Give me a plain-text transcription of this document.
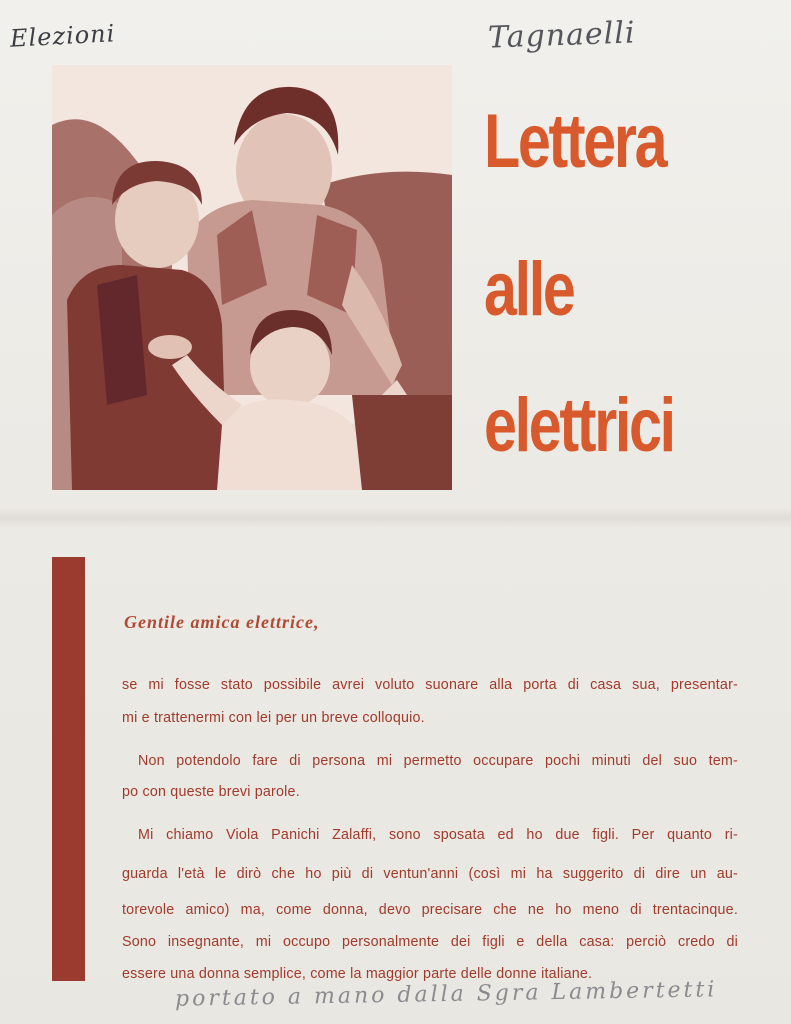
Elezioni	Tagnaelli
Lettera
alle
elettrici
Gentile amica elettrice,
se mi fosse stato possibile avrei voluto suonare alla porta di casa sua, presentar-
mi e trattenermi con lei per un breve colloquio.
Non potendolo fare di persona mi permetto occupare pochi minuti del suo tem-
po con queste brevi parole.
Mi chiamo Viola Panichi Zalaffi, sono sposata ed ho due figli. Per quanto ri-
guarda l'età le dirò che ho più di ventun'anni (così mi ha suggerito di dire un au-
torevole amico) ma, come donna, devo precisare che ne ho meno di trentacinque.
Sono insegnante, mi occupo personalmente dei figli e della casa: perciò credo di
essere una donna semplice, come la maggior parte delle donne italiane.
portato a mano dalla Sgra Lambertetti
